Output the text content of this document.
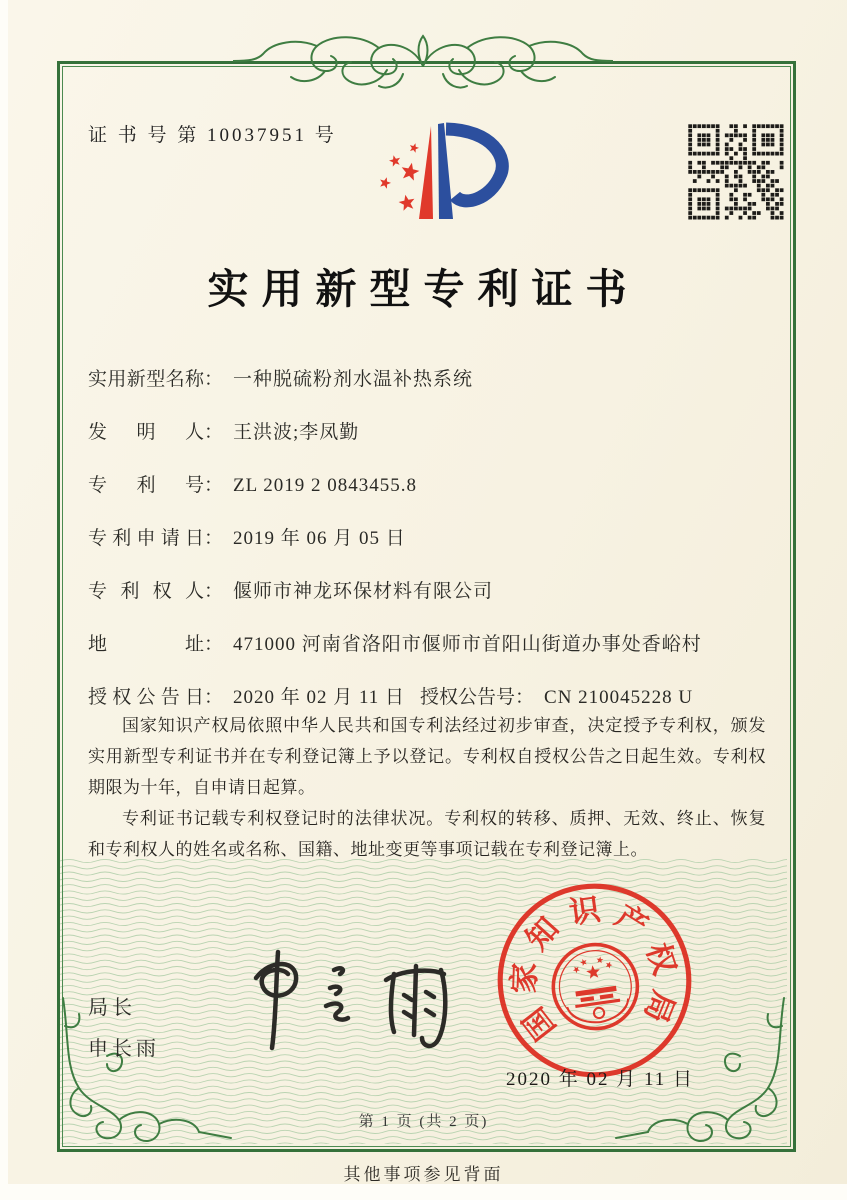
证 书 号 第 10037951 号
实用新型专利证书
实用新型名称： 一种脱硫粉剂水温补热系统
发 明 人： 王洪波;李凤勤
专 利 号： ZL 2019 2 0843455.8
专利申请日： 2019 年 06 月 05 日
专 利 权 人： 偃师市神龙环保材料有限公司
地 址： 471000 河南省洛阳市偃师市首阳山街道办事处香峪村
授权公告日： 2020 年 02 月 11 日 授权公告号： CN 210045228 U

国家知识产权局依照中华人民共和国专利法经过初步审查，决定授予专利权，颁发实用新型专利证书并在专利登记簿上予以登记。专利权自授权公告之日起生效。专利权期限为十年，自申请日起算。

专利证书记载专利权登记时的法律状况。专利权的转移、质押、无效、终止、恢复和专利权人的姓名或名称、国籍、地址变更等事项记载在专利登记簿上。

局长
申长雨
国
家
知 识 产
权
局
2020 年 02 月 11 日
第 1 页 (共 2 页)
其他事项参见背面
